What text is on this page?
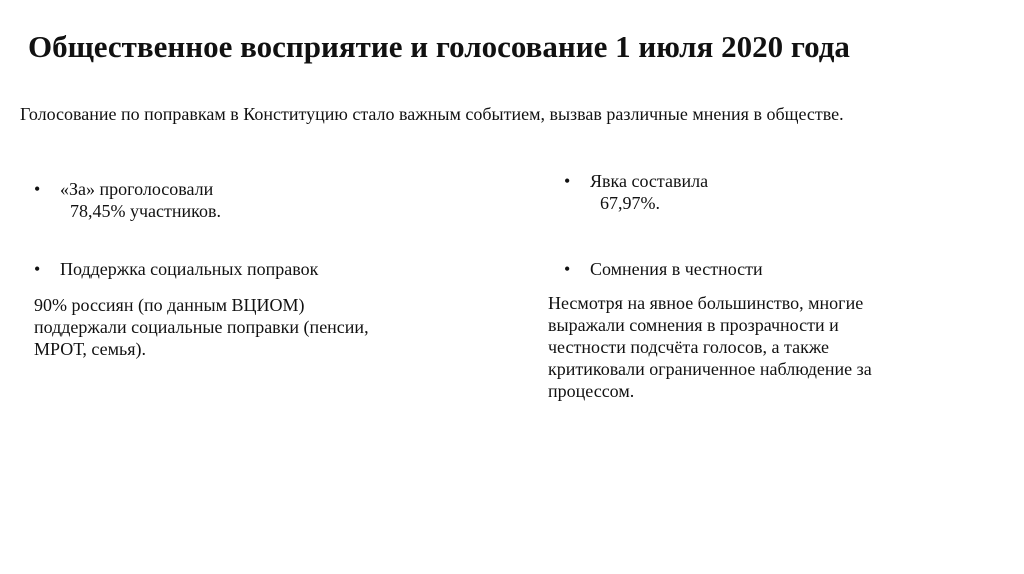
Общественное восприятие и голосование 1 июля 2020 года
Голосование по поправкам в Конституцию стало важным событием, вызвав различные мнения в обществе.
•	«За» проголосовали
78,45% участников.
•	Поддержка социальных поправок
90% россиян (по данным ВЦИОМ)
поддержали социальные поправки (пенсии,
МРОТ, семья).
•	Явка составила
67,97%.
•	Сомнения в честности
Несмотря на явное большинство, многие
выражали сомнения в прозрачности и
честности подсчёта голосов, а также
критиковали ограниченное наблюдение за
процессом.
